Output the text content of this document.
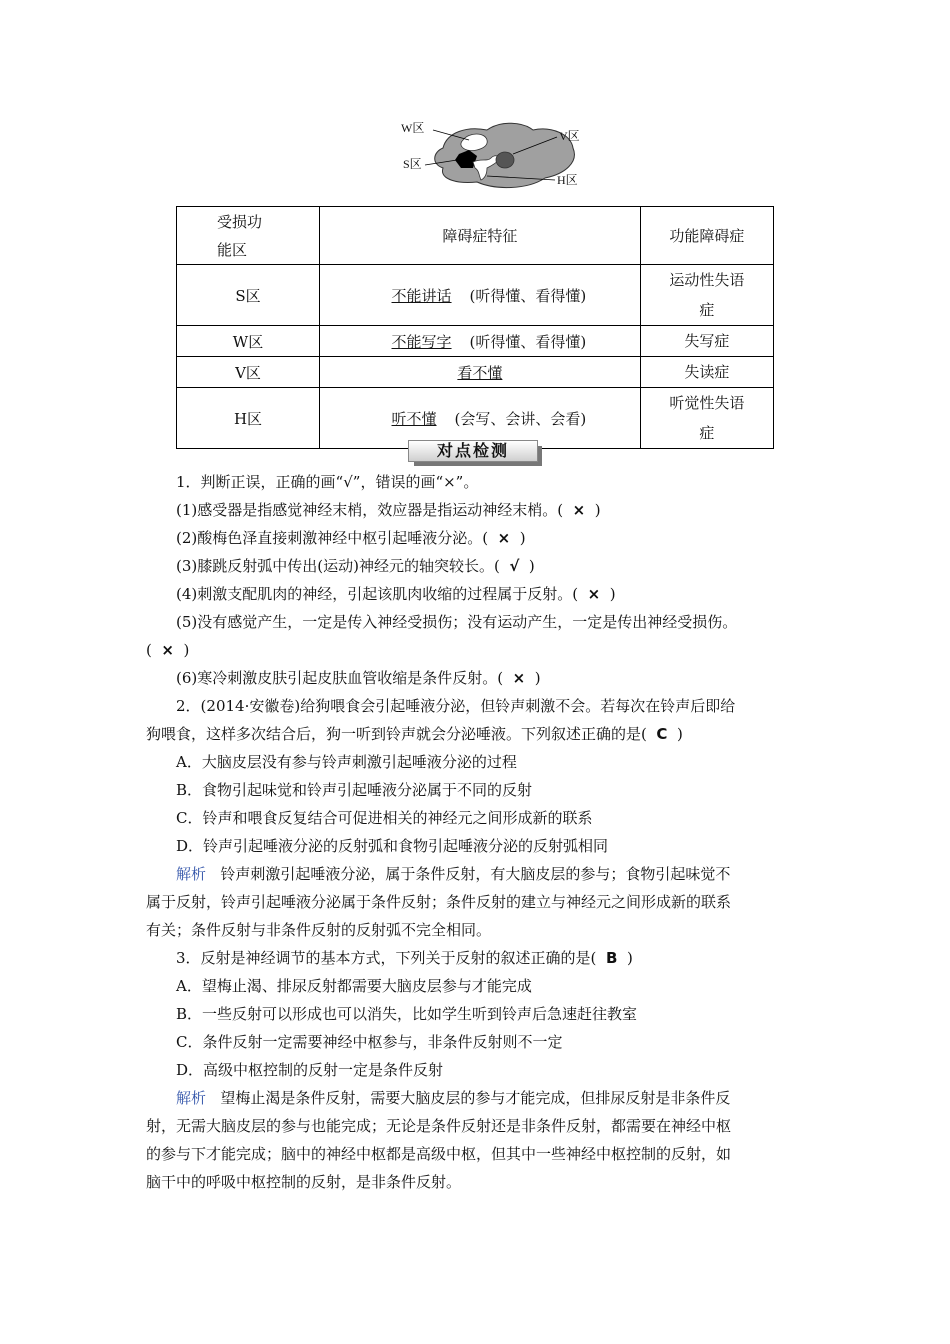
W区
V区
S区
H区
受损功
能区	障碍症特征	功能障碍症
S区	不能讲话 (听得懂、看得懂)	运动性失语
症
W区	不能写字 (听得懂、看得懂)	失写症
V区	看不懂	失读症
H区	听不懂 (会写、会讲、会看)	听觉性失语
症
对点检测

1．判断正误，正确的画“√”，错误的画“×”。

(1)感受器是指感觉神经末梢，效应器是指运动神经末梢。( × )

(2)酸梅色泽直接刺激神经中枢引起唾液分泌。( × )

(3)膝跳反射弧中传出(运动)神经元的轴突较长。( √ )

(4)刺激支配肌肉的神经，引起该肌肉收缩的过程属于反射。( × )

(5)没有感觉产生，一定是传入神经受损伤；没有运动产生，一定是传出神经受损伤。

( × )

(6)寒冷刺激皮肤引起皮肤血管收缩是条件反射。( × )

2．(2014·安徽卷)给狗喂食会引起唾液分泌，但铃声刺激不会。若每次在铃声后即给

狗喂食，这样多次结合后，狗一听到铃声就会分泌唾液。下列叙述正确的是( C )

A．大脑皮层没有参与铃声刺激引起唾液分泌的过程

B．食物引起味觉和铃声引起唾液分泌属于不同的反射

C．铃声和喂食反复结合可促进相关的神经元之间形成新的联系

D．铃声引起唾液分泌的反射弧和食物引起唾液分泌的反射弧相同

解析 铃声刺激引起唾液分泌，属于条件反射，有大脑皮层的参与；食物引起味觉不

属于反射，铃声引起唾液分泌属于条件反射；条件反射的建立与神经元之间形成新的联系

有关；条件反射与非条件反射的反射弧不完全相同。

3．反射是神经调节的基本方式，下列关于反射的叙述正确的是( B )

A．望梅止渴、排尿反射都需要大脑皮层参与才能完成

B．一些反射可以形成也可以消失，比如学生听到铃声后急速赶往教室

C．条件反射一定需要神经中枢参与，非条件反射则不一定

D．高级中枢控制的反射一定是条件反射

解析 望梅止渴是条件反射，需要大脑皮层的参与才能完成，但排尿反射是非条件反

射，无需大脑皮层的参与也能完成；无论是条件反射还是非条件反射，都需要在神经中枢

的参与下才能完成；脑中的神经中枢都是高级中枢，但其中一些神经中枢控制的反射，如

脑干中的呼吸中枢控制的反射，是非条件反射。
